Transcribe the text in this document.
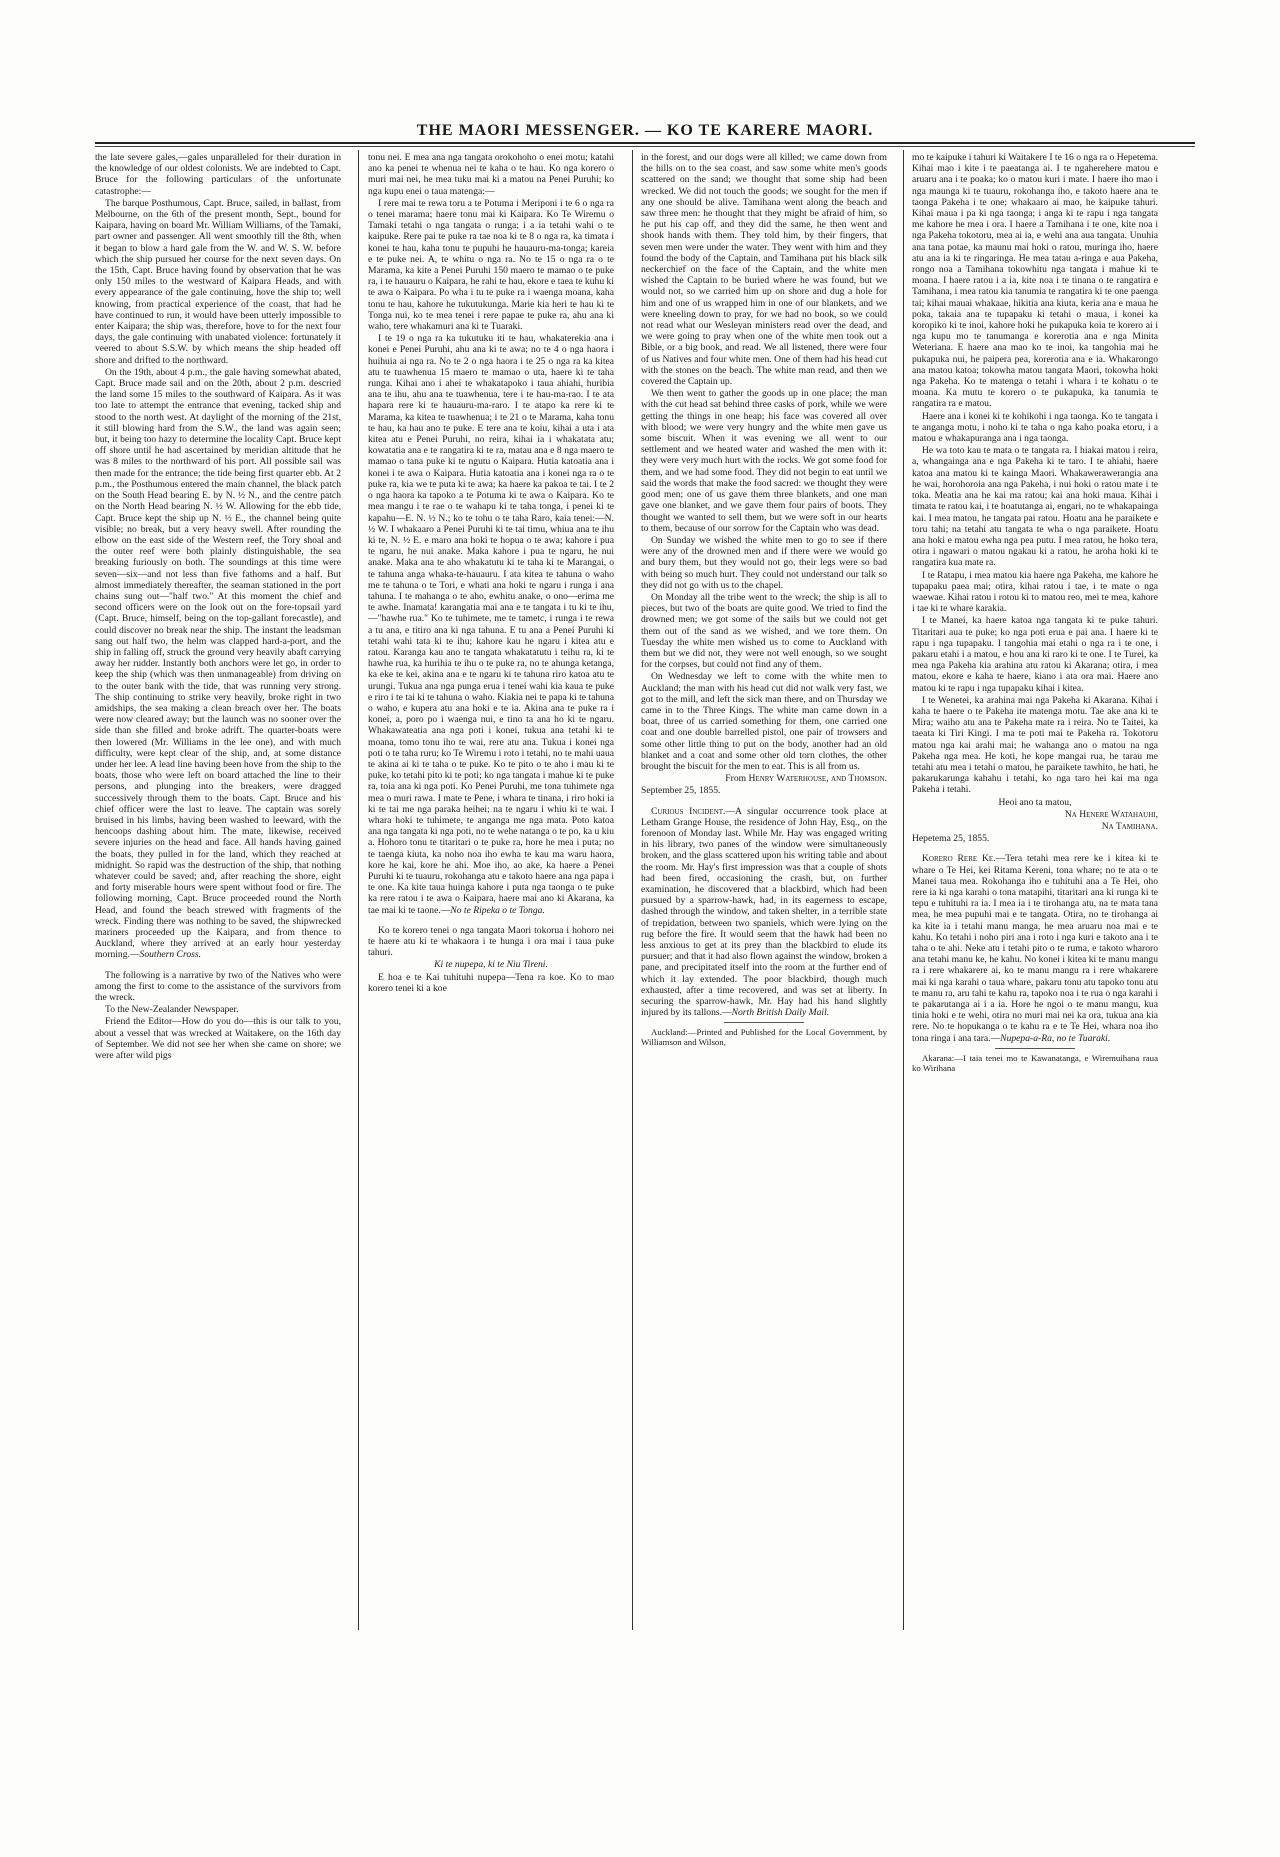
THE MAORI MESSENGER. — KO TE KARERE MAORI.

the late severe gales,—gales unparalleled for their duration in the knowledge of our oldest colonists. We are indebted to Capt. Bruce for the following particulars of the unfortunate catastrophe:—

The barque Posthumous, Capt. Bruce, sailed, in ballast, from Melbourne, on the 6th of the present month, Sept., bound for Kaipara, having on board Mr. William Williams, of the Tamaki, part owner and passenger. All went smoothly till the 8th, when it began to blow a hard gale from the W. and W. S. W. before which the ship pursued her course for the next seven days. On the 15th, Capt. Bruce having found by observation that he was only 150 miles to the westward of Kaipara Heads, and with every appearance of the gale continuing, hove the ship to; well knowing, from practical experience of the coast, that had he have continued to run, it would have been utterly impossible to enter Kaipara; the ship was, therefore, hove to for the next four days, the gale continuing with unabated violence: fortunately it veered to about S.S.W. by which means the ship headed off shore and drifted to the northward.

On the 19th, about 4 p.m., the gale having somewhat abated, Capt. Bruce made sail and on the 20th, about 2 p.m. descried the land some 15 miles to the southward of Kaipara. As it was too late to attempt the entrance that evening, tacked ship and stood to the north west. At daylight of the morning of the 21st, it still blowing hard from the S.W., the land was again seen; but, it being too hazy to determine the locality Capt. Bruce kept off shore until he had ascertained by meridian altitude that he was 8 miles to the northward of his port. All possible sail was then made for the entrance; the tide being first quarter ebb. At 2 p.m., the Posthumous entered the main channel, the black patch on the South Head bearing E. by N. ½ N., and the centre patch on the North Head bearing N. ½ W. Allowing for the ebb tide, Capt. Bruce kept the ship up N. ½ E., the channel being quite visible; no break, but a very heavy swell. After rounding the elbow on the east side of the Western reef, the Tory shoal and the outer reef were both plainly distinguishable, the sea breaking furiously on both. The soundings at this time were seven—six—and not less than five fathoms and a half. But almost immediately thereafter, the seaman stationed in the port chains sung out—"half two." At this moment the chief and second officers were on the look out on the fore-topsail yard (Capt. Bruce, himself, being on the top-gallant forecastle), and could discover no break near the ship. The instant the leadsman sang out half two, the helm was clapped hard-a-port, and the ship in falling off, struck the ground very heavily abaft carrying away her rudder. Instantly both anchors were let go, in order to keep the ship (which was then unmanageable) from driving on to the outer bank with the tide, that was running very strong. The ship continuing to strike very heavily, broke right in two amidships, the sea making a clean breach over her. The boats were now cleared away; but the launch was no sooner over the side than she filled and broke adrift. The quarter-boats were then lowered (Mr. Williams in the lee one), and with much difficulty, were kept clear of the ship, and, at some distance under her lee. A lead line having been hove from the ship to the boats, those who were left on board attached the line to their persons, and plunging into the breakers, were dragged successively through them to the boats. Capt. Bruce and his chief officer were the last to leave. The captain was sorely bruised in his limbs, having been washed to leeward, with the hencoops dashing about him. The mate, likewise, received severe injuries on the head and face. All hands having gained the boats, they pulled in for the land, which they reached at midnight. So rapid was the destruction of the ship, that nothing whatever could be saved; and, after reaching the shore, eight and forty miserable hours were spent without food or fire. The following morning, Capt. Bruce proceeded round the North Head, and found the beach strewed with fragments of the wreck. Finding there was nothing to be saved, the shipwrecked mariners proceeded up the Kaipara, and from thence to Auckland, where they arrived at an early hour yesterday morning.—Southern Cross.

The following is a narrative by two of the Natives who were among the first to come to the assistance of the survivors from the wreck.

To the New-Zealander Newspaper.

Friend the Editor—How do you do—this is our talk to you, about a vessel that was wrecked at Waitakere, on the 16th day of September. We did not see her when she came on shore; we were after wild pigs

tonu nei. E mea ana nga tangata orokohoho o enei motu; katahi ano ka penei te whenua nei te kaha o te hau. Ko nga korero o muri mai nei, he mea tuku mai ki a matou na Penei Puruhi; ko nga kupu enei o taua matenga:—

I rere mai te rewa toru a te Potuma i Meriponi i te 6 o nga ra o tenei marama; haere tonu mai ki Kaipara. Ko Te Wiremu o Tamaki tetahi o nga tangata o runga; i a ia tetahi wahi o te kaipuke. Rere pai te puke ra tae noa ki te 8 o nga ra, ka timata i konei te hau, kaha tonu te pupuhi he hauauru-ma-tonga; kareia e te puke nei. A, te whitu o nga ra. No te 15 o nga ra o te Marama, ka kite a Penei Puruhi 150 maero te mamao o te puke ra, i te hauauru o Kaipara, he rahi te hau, ekore e taea te kuhu ki te awa o Kaipara. Po wha i tu te puke ra i waenga moana, kaha tonu te hau, kahore he tukutukunga. Marie kia heri te hau ki te Tonga nui, ko te mea tenei i rere papae te puke ra, ahu ana ki waho, tere whakamuri ana ki te Tuaraki.

I te 19 o nga ra ka tukutuku iti te hau, whakaterekia ana i konei e Penei Puruhi, ahu ana ki te awa; no te 4 o nga haora i huihuia ai nga ra. No te 2 o nga haora i te 25 o nga ra ka kitea atu te tuawhenua 15 maero te mamao o uta, haere ki te taha runga. Kihai ano i ahei te whakatapoko i taua ahiahi, huribia ana te ihu, ahu ana te tuawhenua, tere i te hau-ma-rao. I te ata hapara rere ki te hauauru-ma-raro. I te atapo ka rere ki te Marama, ka kitea te tuawhenua; i te 21 o te Marama, kaha tonu te hau, ka hau ano te puke. E tere ana te koiu, kihai a uta i ata kitea atu e Penei Puruhi, no reira, kihai ia i whakatata atu; kowatatia ana e te rangatira ki te ra, matau ana e 8 nga maero te mamao o tana puke ki te ngutu o Kaipara. Hutia katoatia ana i konei i te awa o Kaipara. Hutia katoatia ana i konei nga ra o te puke ra, kia we te puta ki te awa; ka haere ka pakoa te tai. I te 2 o nga haora ka tapoko a te Potuma ki te awa o Kaipara. Ko te mea mangu i te rae o te wahapu ki te taha tonga, i penei ki te kapahu—E. N. ½ N.; ko te tohu o te taha Raro, kaia tenei:—N. ½ W. I whakaaro a Penei Puruhi ki te tai timu, whiua ana te ihu ki te, N. ½ E. e maro ana hoki te hopua o te awa; kahore i pua te ngaru, he nui anake. Maka kahore i pua te ngaru, he nui anake. Maka ana te aho whakatutu ki te taha ki te Marangai, o te tahuna anga whaka-te-hauauru. I ata kitea te tahuna o waho me te tahuna o te Tori, e whati ana hoki te ngaru i runga i ana tahuna. I te mahanga o te aho, ewhitu anake, o ono—erima me te awhe. Inamata! karangatia mai ana e te tangata i tu ki te ihu,—"hawhe rua." Ko te tuhimete, me te tametc, i runga i te rewa a tu ana, e titiro ana ki nga tahuna. E tu ana a Penei Puruhi ki tetahi wahi tata ki te ihu; kahore kau he ngaru i kitea atu e ratou. Karanga kau ano te tangata whakatatutu i teihu ra, ki te hawhe rua, ka hurihia te ihu o te puke ra, no te ahunga ketanga, ka eke te kei, akina ana e te ngaru ki te tahuna riro katoa atu te urungi. Tukua ana nga punga erua i tenei wahi kia kaua te puke e riro i te tai ki te tahuna o waho. Kiakia nei te papa ki te tahuna o waho, e kupera atu ana hoki e te ia. Akina ana te puke ra i konei, a, poro po i waenga nui, e tino ta ana ho ki te ngaru. Whakawateatia ana nga poti i konei, tukua ana tetahi ki te moana, tomo tonu iho te wai, rere atu ana. Tukua i konei nga poti o te taha ruru; ko Te Wiremu i roto i tetahi, no te mahi uaua te akina ai ki te taha o te puke. Ko te pito o te aho i mau ki te puke, ko tetahi pito ki te poti; ko nga tangata i mahue ki te puke ra, toia ana ki nga poti. Ko Penei Puruhi, me tona tuhimete nga mea o muri rawa. I mate te Pene, i whara te tinana, i riro hoki ia ki te tai me nga paraka heihei; na te ngaru i whiu ki te wai. I whara hoki te tuhimete, te anganga me nga mata. Poto katoa ana nga tangata ki nga poti, no te wehe natanga o te po, ka u kiu a. Hohoro tonu te titaritari o te puke ra, hore he mea i puta; no te taenga kiuta, ka noho noa iho ewha te kau ma waru haora, kore he kai, kore he ahi. Moe iho, ao ake, ka haere a Penei Puruhi ki te tuauru, rokohanga atu e takoto haere ana nga papa i te one. Ka kite taua huinga kahore i puta nga taonga o te puke ka rere ratou i te awa o Kaipara, haere mai ano ki Akarana, ka tae mai ki te taone.—No te Ripeka o te Tonga.

Ko te korero tenei o nga tangata Maori tokorua i hohoro nei te haere atu ki te whakaora i te hunga i ora mai i taua puke tahuri.

Ki te nupepa, ki te Niu Tireni.

E hoa e te Kai tuhituhi nupepa—Tena ra koe. Ko to mao korero tenei ki a koe

in the forest, and our dogs were all killed; we came down from the hills on to the sea coast, and saw some white men's goods scattered on the sand; we thought that some ship had been wrecked. We did not touch the goods; we sought for the men if any one should be alive. Tamihana went along the beach and saw three men: he thought that they might be afraid of him, so he put his cap off, and they did the same, he then went and shook hands with them. They told him, by their fingers, that seven men were under the water. They went with him and they found the body of the Captain, and Tamihana put his black silk neckerchief on the face of the Captain, and the white men wished the Captain to be buried where he was found, but we would not, so we carried him up on shore and dug a hole for him and one of us wrapped him in one of our blankets, and we were kneeling down to pray, for we had no book, so we could not read what our Wesleyan ministers read over the dead, and we were going to pray when one of the white men took out a Bible, or a big book, and read. We all listened, there were four of us Natives and four white men. One of them had his head cut with the stones on the beach. The white man read, and then we covered the Captain up.

We then went to gather the goods up in one place; the man with the cut head sat behind three casks of pork, while we were getting the things in one heap; his face was covered all over with blood; we were very hungry and the white men gave us some biscuit. When it was evening we all went to our settlement and we heated water and washed the men with it: they were very much hurt with the rocks. We got some food for them, and we had some food. They did not begin to eat until we said the words that make the food sacred: we thought they were good men; one of us gave them three blankets, and one man gave one blanket, and we gave them four pairs of boots. They thought we wanted to sell them, but we were soft in our hearts to them, because of our sorrow for the Captain who was dead.

On Sunday we wished the white men to go to see if there were any of the drowned men and if there were we would go and bury them, but they would not go, their legs were so bad with being so much hurt. They could not understand our talk so they did not go with us to the chapel.

On Monday all the tribe went to the wreck; the ship is all to pieces, but two of the boats are quite good. We tried to find the drowned men; we got some of the sails but we could not get them out of the sand as we wished, and we tore them. On Tuesday the white men wished us to come to Auckland with them but we did not, they were not well enough, so we sought for the corpses, but could not find any of them.

On Wednesday we left to come with the white men to Auckland; the man with his head cut did not walk very fast, we got to the mill, and left the sick man there, and on Thursday we came in to the Three Kings. The white man came down in a boat, three of us carried something for them, one carried one coat and one double barrelled pistol, one pair of trowsers and some other little thing to put on the body, another had an old blanket and a coat and some other old torn clothes, the other brought the biscuit for the men to eat. This is all from us.

From Henry Waterhouse, and Thomson.

September 25, 1855.

Curious Incident.—A singular occurrence took place at Letham Grange House, the residence of John Hay, Esq., on the forenoon of Monday last. While Mr. Hay was engaged writing in his library, two panes of the window were simultaneously broken, and the glass scattered upon his writing table and about the room. Mr. Hay's first impression was that a couple of shots had been fired, occasioning the crash, but, on further examination, he discovered that a blackbird, which had been pursued by a sparrow-hawk, had, in its eagerness to escape, dashed through the window, and taken shelter, in a terrible state of trepidation, between two spaniels, which were lying on the rug before the fire. It would seem that the hawk had been no less anxious to get at its prey than the blackbird to elude its pursuer; and that it had also flown against the window, broken a pane, and precipitated itself into the room at the further end of which it lay extended. The poor blackbird, though much exhausted, after a time recovered, and was set at liberty. In securing the sparrow-hawk, Mr. Hay had his hand slightly injured by its tallons.—North British Daily Mail.

Auckland:—Printed and Published for the Local Government, by Williamson and Wilson,

mo te kaipuke i tahuri ki Waitakere I te 16 o nga ra o Hepetema. Kihai mao i kite i te paeatanga ai. I te ngaherehere matou e aruaru ana i te poaka; ko o matou kuri i mate. I haere iho mao i nga maunga ki te tuauru, rokohanga iho, e takoto haere ana te taonga Pakeha i te one; whakaaro ai mao, he kaipuke tahuri. Kihai maua i pa ki nga taonga; i anga ki te rapu i nga tangata me kahore he mea i ora. I haere a Tamihana i te one, kite noa i nga Pakeha tokotoru, mea ai ia, e wehi ana aua tangata. Unuhia ana tana potae, ka maunu mai hoki o ratou, muringa iho, haere atu ana ia ki te ringaringa. He mea tatau a-ringa e aua Pakeha, rongo noa a Tamihana tokowhitu nga tangata i mahue ki te moana. I haere ratou i a ia, kite noa i te tinana o te rangatira e Tamihana, i mea ratou kia tanumia te rangatira ki te one paenga tai; kihai mauai whakaae, hikitia ana kiuta, keria ana e maua he poka, takaia ana te tupapaku ki tetahi o maua, i konei ka koropiko ki te inoi, kahore hoki he pukapuka koia te korero ai i nga kupu mo te tanumanga e korerotia ana e nga Minita Weteriana. E haere ana mao ko te inoi, ka tangohia mai he pukapuka nui, he paipera pea, korerotia ana e ia. Whakarongo ana matou katoa; tokowha matou tangata Maori, tokowha hoki nga Pakeha. Ko te matenga o tetahi i whara i te kohatu o te moana. Ka mutu te korero o te pukapuka, ka tanumia te rangatira ra e matou.

Haere ana i konei ki te kohikohi i nga taonga. Ko te tangata i te anganga motu, i noho ki te taha o nga kaho poaka etoru, i a matou e whakapuranga ana i nga taonga.

He wa toto kau te mata o te tangata ra. I hiakai matou i reira, a, whangainga ana e nga Pakeha ki te taro. I te ahiahi, haere katoa ana matou ki te kainga Maori. Whakawerawerangia ana he wai, horohoroia ana nga Pakeha, i nui hoki o ratou mate i te toka. Meatia ana he kai ma ratou; kai ana hoki maua. Kihai i timata te ratou kai, i te hoatutanga ai, engari, no te whakapainga kai. I mea matou, he tangata pai ratou. Hoatu ana he paraikete e toru tahi; na tetahi atu tangata te wha o nga paraikete. Hoatu ana hoki e matou ewha nga pea putu. I mea ratou, he hoko tera, otira i ngawari o matou ngakau ki a ratou, he aroha hoki ki te rangatira kua mate ra.

I te Ratapu, i mea matou kia haere nga Pakeha, me kahore he tupapaku paea mai; otira, kihai ratou i tae, i te mate o nga waewae. Kihai ratou i rotou ki to matou reo, mei te mea, kahore i tae ki te whare karakia.

I te Manei, ka haere katoa nga tangata ki te puke tahuri. Titaritari aua te puke; ko nga poti erua e pai ana. I haere ki te rapu i nga tupapaku. I tangohia mai etahi o nga ra i te one, i pakaru etahi i a matou, e hou ana ki raro ki te one. I te Turei, ka mea nga Pakeha kia arahina atu ratou ki Akarana; otira, i mea matou, ekore e kaha te haere, kiano i ata ora mai. Haere ano matou ki te rapu i nga tupapaku kihai i kitea.

I te Wenetei, ka arahina mai nga Pakeha ki Akarana. Kihai i kaha te haere o te Pakeha ite matenga motu. Tae ake ana ki te Mira; waiho atu ana te Pakeha mate ra i reira. No te Taitei, ka taeata ki Tiri Kingi. I ma te poti mai te Pakeha ra. Tokotoru matou nga kai arahi mai; he wahanga ano o matou na nga Pakeha nga mea. He koti, he kope mangai rua, he tarau me tetahi atu mea i tetahi o matou, he paraikete tawhito, he hati, he pakarukarunga kahahu i tetahi, ko nga taro hei kai ma nga Pakeha i tetahi.

Heoi ano ta matou,

Na Henere Watahauhi,

Na Tamihana.

Hepetema 25, 1855.

Korero Rere Ke.—Tera tetahi mea rere ke i kitea ki te whare o Te Hei, kei Ritama Kereni, tona whare; no te ata o te Manei taua mea. Rokohanga iho e tuhituhi ana a Te Hei, oho rere ia ki nga karahi o tona matapihi, titaritari ana ki runga ki te tepu e tuhituhi ra ia. I mea ia i te tirohanga atu, na te mata tana mea, he mea pupuhi mai e te tangata. Otira, no te tirohanga ai ka kite ia i tetahi manu manga, he mea aruaru noa mai e te kahu. Ko tetahi i noho piri ana i roto i nga kuri e takoto ana i te taha o te ahi. Neke atu i tetahi pito o te ruma, e takoto wharoro ana tetahi manu ke, he kahu. No konei i kitea ki te manu mangu ra i rere whakarere ai, ko te manu mangu ra i rere whakarere mai ki nga karahi o taua whare, pakaru tonu atu tapoko tonu atu te manu ra, aru tahi te kahu ra, tapoko noa i te rua o nga karahi i te pakarutanga ai i a ia. Hore he ngoi o te manu mangu, kua tinia hoki e te wehi, otira no muri mai nei ka ora, tukua ana kia rere. No te hopukanga o te kahu ra e te Te Hei, whara noa iho tona ringa i ana tara.—Nupepa-a-Ra, no te Tuaraki.

Akarana:—I taia tenei mo te Kawanatanga, e Wiremuihana raua ko Wirihana
